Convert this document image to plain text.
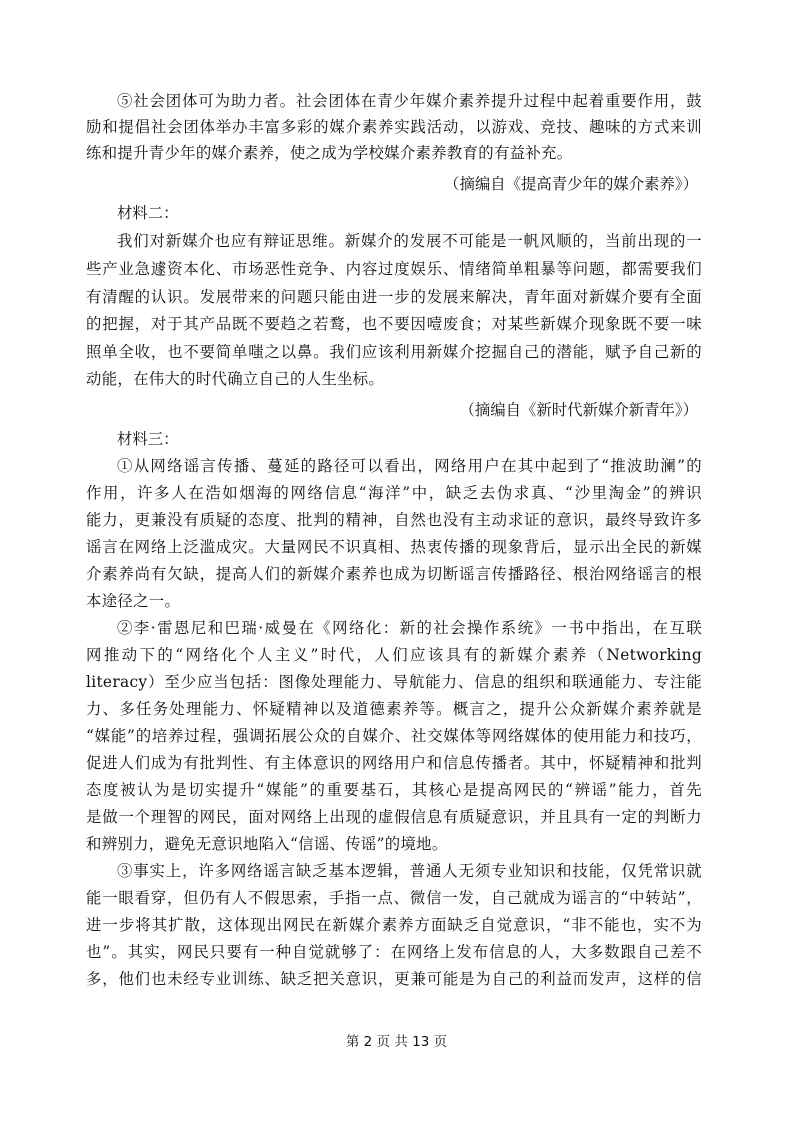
⑤社会团体可为助力者。社会团体在青少年媒介素养提升过程中起着重要作用，鼓
励和提倡社会团体举办丰富多彩的媒介素养实践活动，以游戏、竞技、趣味的方式来训
练和提升青少年的媒介素养，使之成为学校媒介素养教育的有益补充。
（摘编自《提高青少年的媒介素养》）
材料二：
我们对新媒介也应有辩证思维。新媒介的发展不可能是一帆风顺的，当前出现的一
些产业急遽资本化、市场恶性竞争、内容过度娱乐、情绪简单粗暴等问题，都需要我们
有清醒的认识。发展带来的问题只能由进一步的发展来解决，青年面对新媒介要有全面
的把握，对于其产品既不要趋之若鹜，也不要因噎废食；对某些新媒介现象既不要一味
照单全收，也不要简单嗤之以鼻。我们应该利用新媒介挖掘自己的潜能，赋予自己新的
动能，在伟大的时代确立自己的人生坐标。
（摘编自《新时代新媒介新青年》）
材料三：
①从网络谣言传播、蔓延的路径可以看出，网络用户在其中起到了“推波助澜”的
作用，许多人在浩如烟海的网络信息“海洋”中，缺乏去伪求真、“沙里淘金”的辨识
能力，更兼没有质疑的态度、批判的精神，自然也没有主动求证的意识，最终导致许多
谣言在网络上泛滥成灾。大量网民不识真相、热衷传播的现象背后，显示出全民的新媒
介素养尚有欠缺，提高人们的新媒介素养也成为切断谣言传播路径、根治网络谣言的根
本途径之一。
②李·雷恩尼和巴瑞·威曼在《网络化：新的社会操作系统》一书中指出，在互联
网推动下的“网络化个人主义”时代，人们应该具有的新媒介素养（Networking
literacy）至少应当包括：图像处理能力、导航能力、信息的组织和联通能力、专注能
力、多任务处理能力、怀疑精神以及道德素养等。概言之，提升公众新媒介素养就是
“媒能”的培养过程，强调拓展公众的自媒介、社交媒体等网络媒体的使用能力和技巧，
促进人们成为有批判性、有主体意识的网络用户和信息传播者。其中，怀疑精神和批判
态度被认为是切实提升“媒能”的重要基石，其核心是提高网民的“辨谣”能力，首先
是做一个理智的网民，面对网络上出现的虚假信息有质疑意识，并且具有一定的判断力
和辨别力，避免无意识地陷入“信谣、传谣”的境地。
③事实上，许多网络谣言缺乏基本逻辑，普通人无须专业知识和技能，仅凭常识就
能一眼看穿，但仍有人不假思索，手指一点、微信一发，自己就成为谣言的“中转站”，
进一步将其扩散，这体现出网民在新媒介素养方面缺乏自觉意识，“非不能也，实不为
也”。其实，网民只要有一种自觉就够了：在网络上发布信息的人，大多数跟自己差不
多，他们也未经专业训练、缺乏把关意识，更兼可能是为自己的利益而发声，这样的信
第 2 页 共 13 页
